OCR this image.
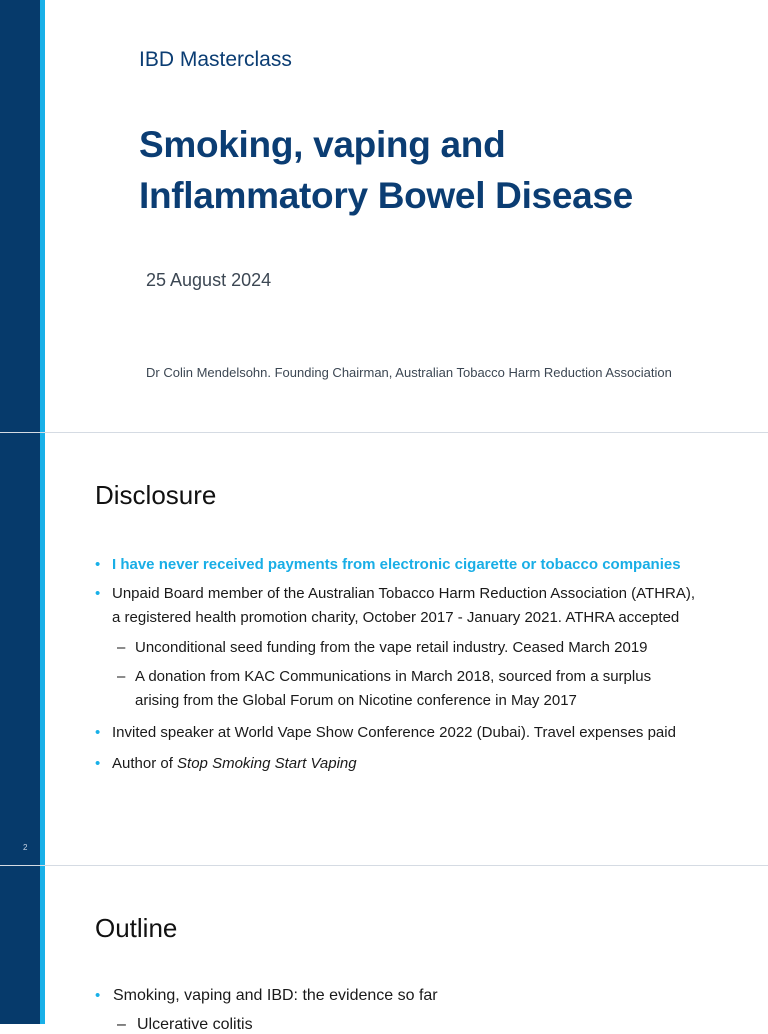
IBD Masterclass
Smoking, vaping and
Inflammatory Bowel Disease
25 August 2024
Dr Colin Mendelsohn. Founding Chairman, Australian Tobacco Harm Reduction Association
2
Disclosure
• I have never received payments from electronic cigarette or tobacco companies
• Unpaid Board member of the Australian Tobacco Harm Reduction Association (ATHRA),
a registered health promotion charity, October 2017 - January 2021. ATHRA accepted
– Unconditional seed funding from the vape retail industry. Ceased March 2019
– A donation from KAC Communications in March 2018, sourced from a surplus
arising from the Global Forum on Nicotine conference in May 2017
• Invited speaker at World Vape Show Conference 2022 (Dubai). Travel expenses paid
• Author of Stop Smoking Start Vaping
Outline
• Smoking, vaping and IBD: the evidence so far
– Ulcerative colitis
